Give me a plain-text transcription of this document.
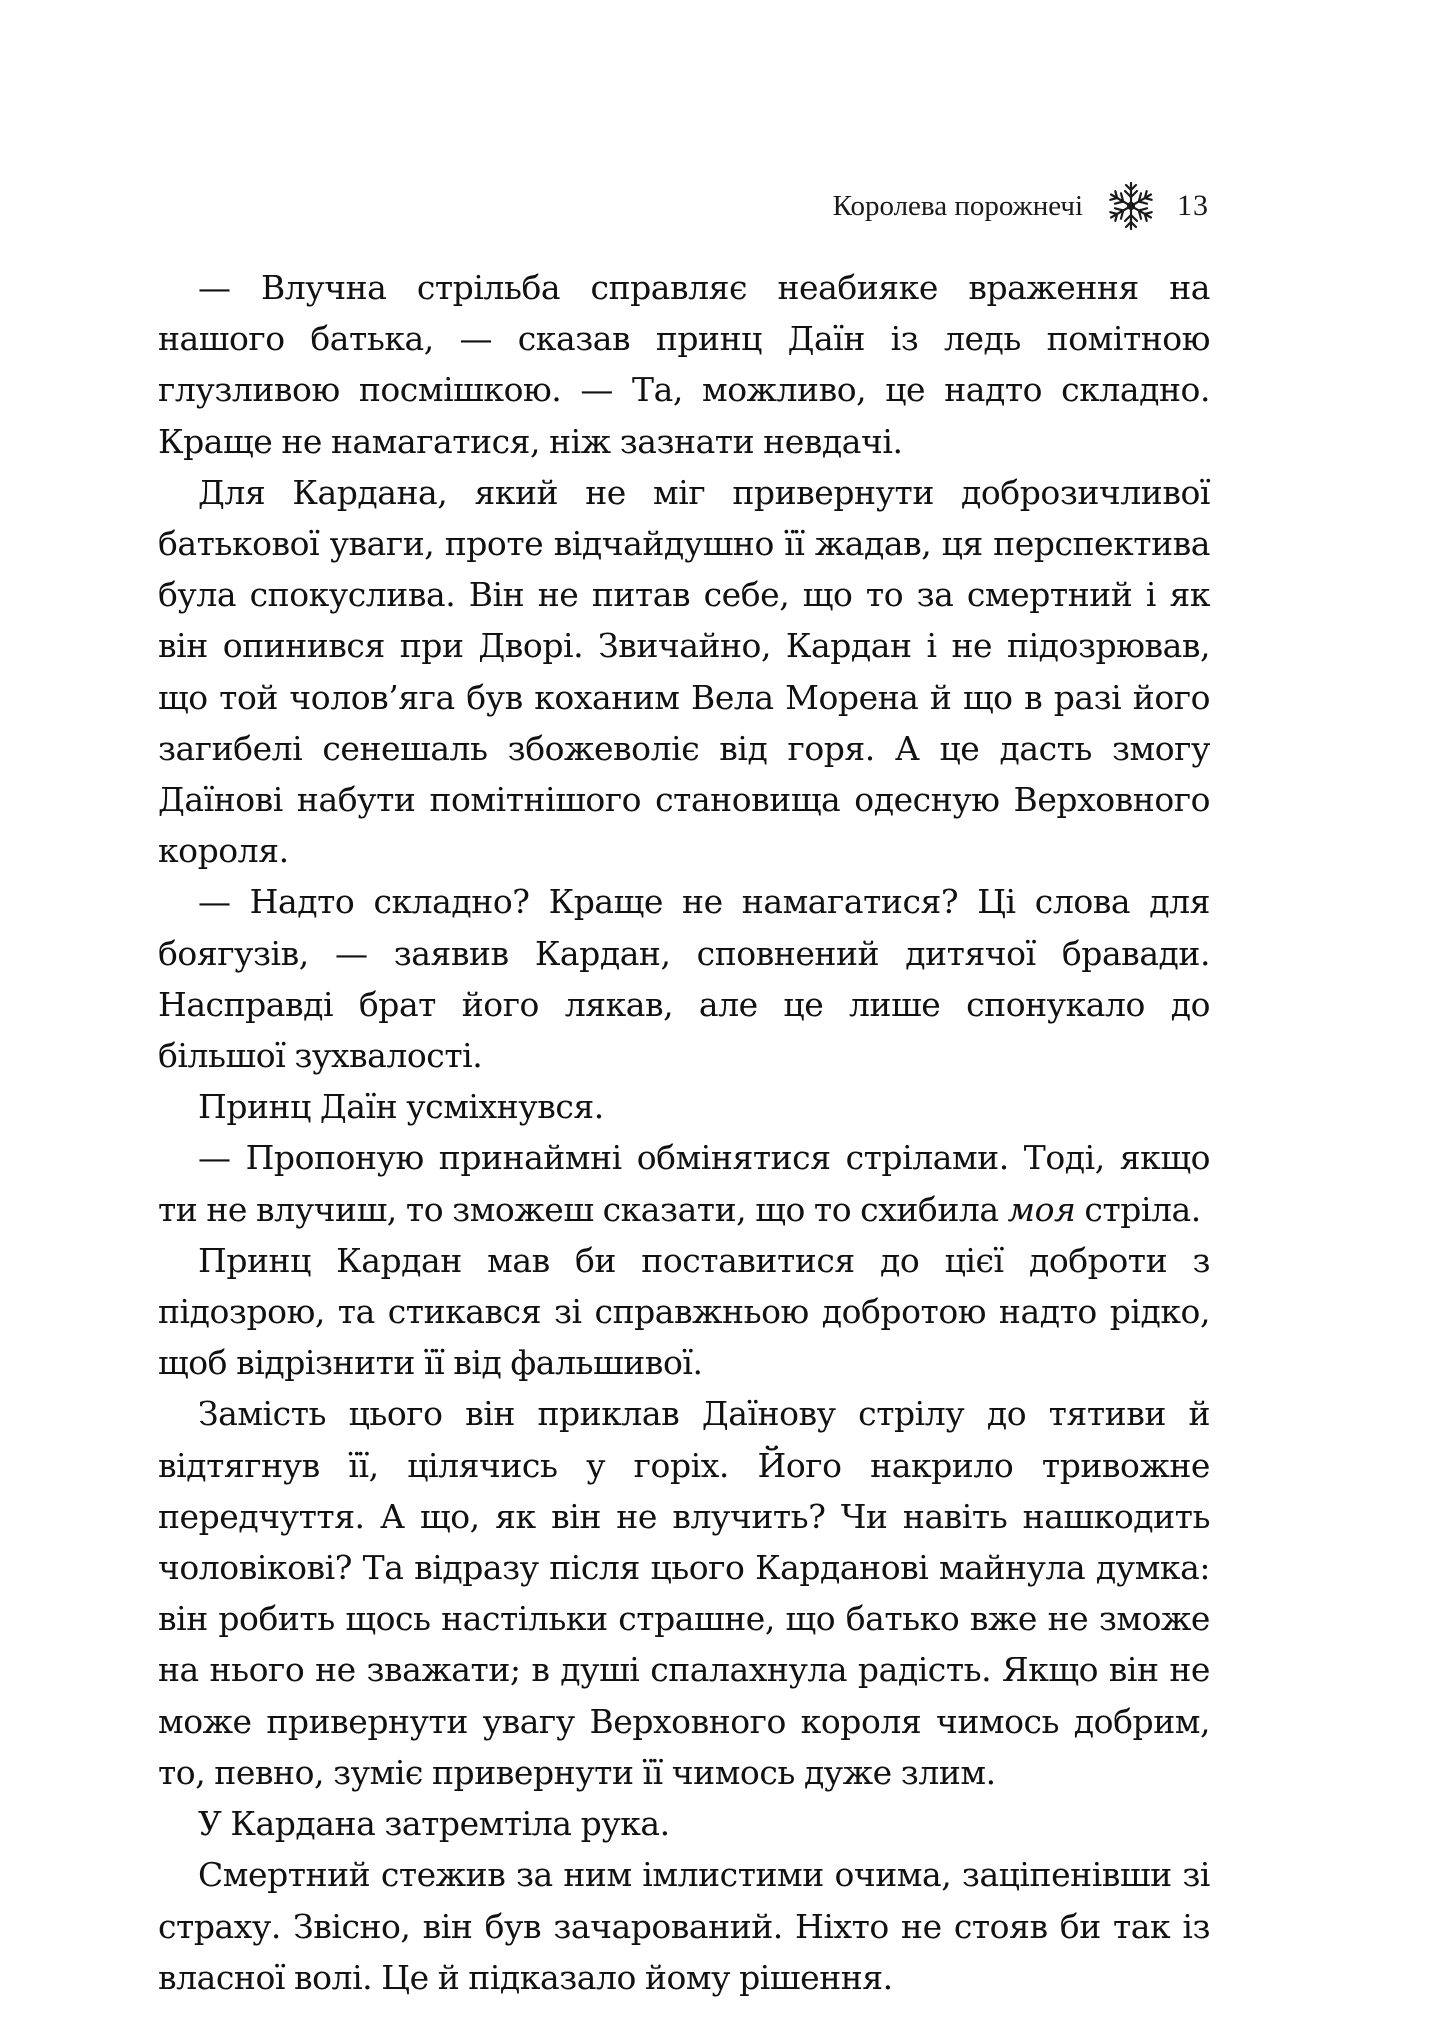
Королева порожнечі	13

— Влучна стрільба справляє неабияке враження на нашого батька, — сказав принц Даїн із ледь помітною глузливою посмішкою. — Та, можливо, це надто складно. Краще не намагатися, ніж зазнати невдачі.

Для Кардана, який не міг привернути доброзичливої батькової уваги, проте відчайдушно її жадав, ця перспектива була спокуслива. Він не питав себе, що то за смертний і як він опинився при Дворі. Звичайно, Кардан і не підозрював, що той чолов’яга був коханим Вела Морена й що в разі його загибелі сенешаль збожеволіє від горя. А це дасть змогу Даїнові набути помітнішого становища одесную Верховного короля.

— Надто складно? Краще не намагатися? Ці слова для боягузів, — заявив Кардан, сповнений дитячої бравади. Насправді брат його лякав, але це лише спонукало до більшої зухвалості.

Принц Даїн усміхнувся.

— Пропоную принаймні обмінятися стрілами. Тоді, якщо ти не влучиш, то зможеш сказати, що то схибила моя стріла.

Принц Кардан мав би поставитися до цієї доброти з підозрою, та стикався зі справжньою добротою надто рідко, щоб відрізнити її від фальшивої.

Замість цього він приклав Даїнову стрілу до тятиви й відтягнув її, цілячись у горіх. Його накрило тривожне передчуття. А що, як він не влучить? Чи навіть нашкодить чоловікові? Та відразу після цього Карданові майнула думка: він робить щось настільки страшне, що батько вже не зможе на нього не зважати; в душі спалахнула радість. Якщо він не може привернути увагу Верховного короля чимось добрим, то, певно, зуміє привернути її чимось дуже злим.

У Кардана затремтіла рука.

Смертний стежив за ним імлистими очима, заціпенівши зі страху. Звісно, він був зачарований. Ніхто не стояв би так із власної волі. Це й підказало йому рішення.
